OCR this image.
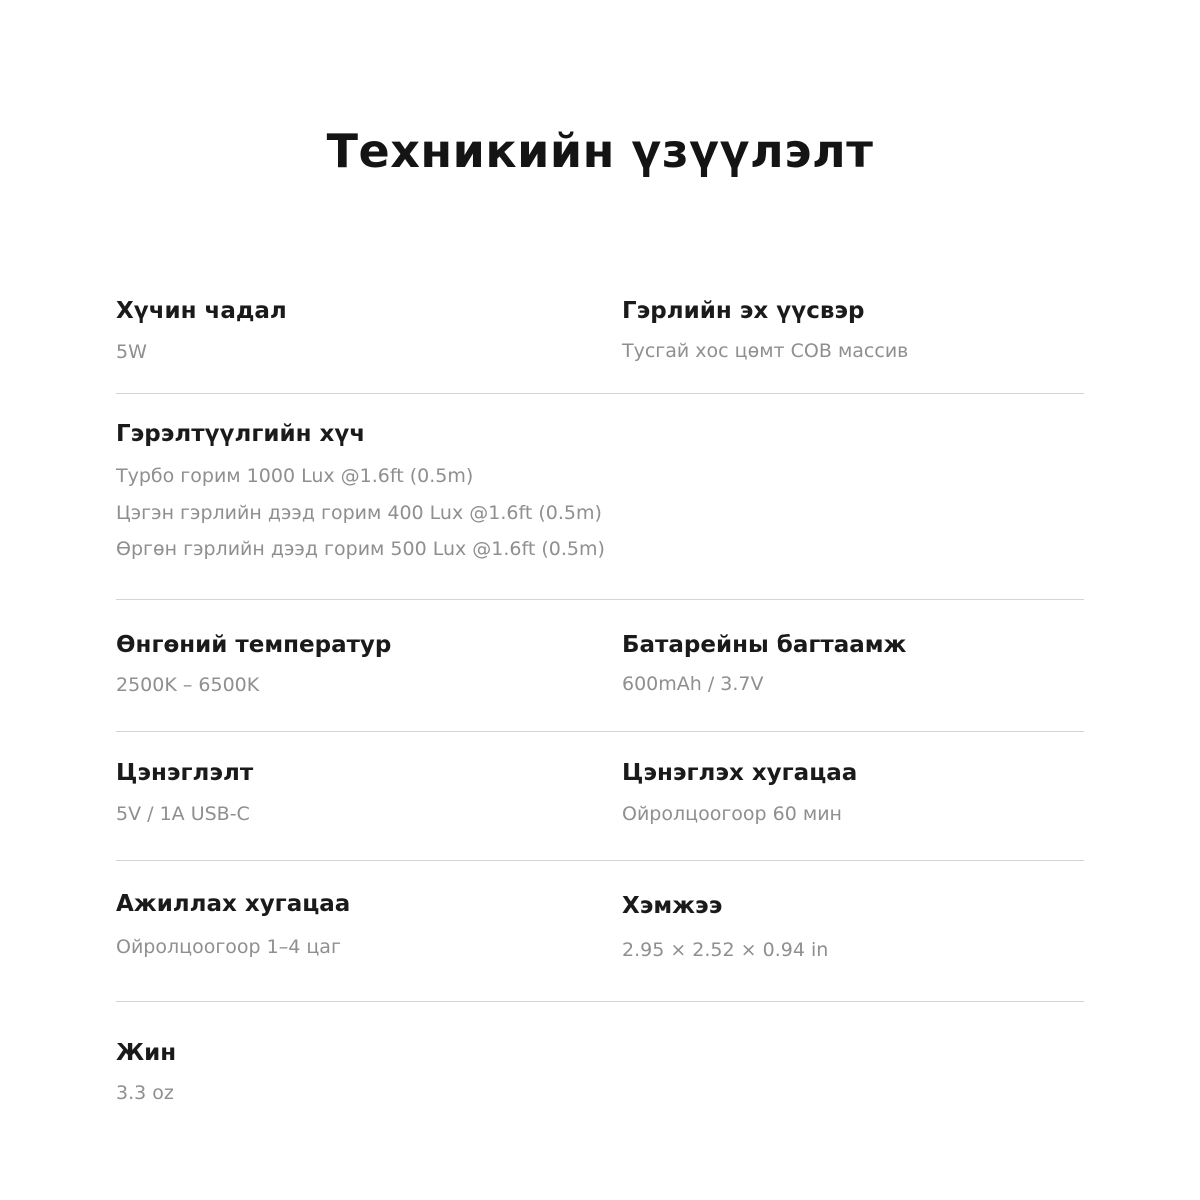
Техникийн үзүүлэлт
Хүчин чадал
5W
Гэрлийн эх үүсвэр
Тусгай хос цөмт COB массив
Гэрэлтүүлгийн хүч
Турбо горим 1000 Lux @1.6ft (0.5m)
Цэгэн гэрлийн дээд горим 400 Lux @1.6ft (0.5m)
Өргөн гэрлийн дээд горим 500 Lux @1.6ft (0.5m)
Өнгөний температур
2500K – 6500K
Батарейны багтаамж
600mAh / 3.7V
Цэнэглэлт
5V / 1A USB-C
Цэнэглэх хугацаа
Ойролцоогоор 60 мин
Ажиллах хугацаа
Ойролцоогоор 1–4 цаг
Хэмжээ
2.95 × 2.52 × 0.94 in
Жин
3.3 oz
